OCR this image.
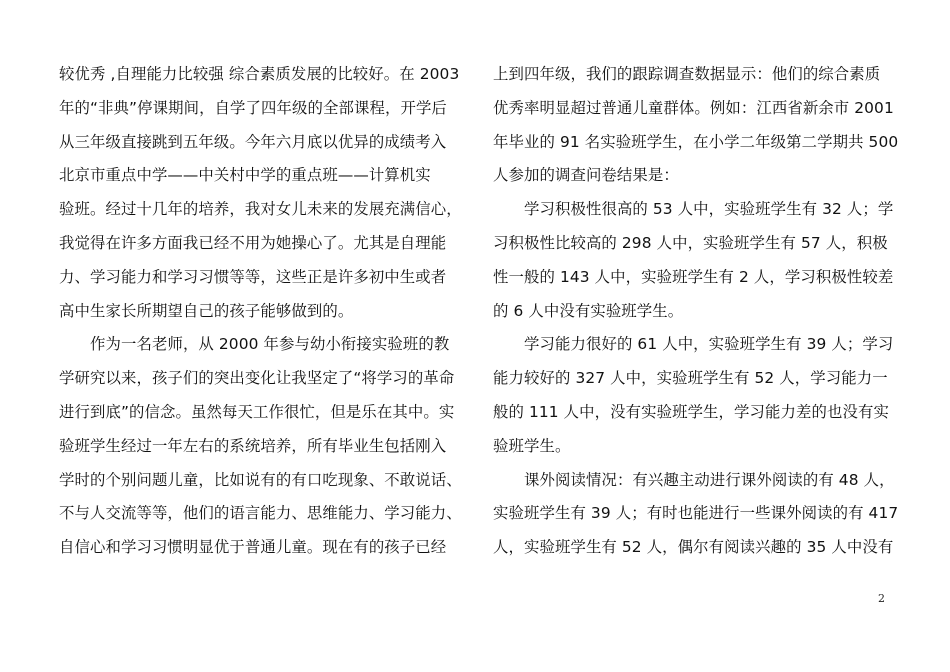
较优秀 ,自理能力比较强 综合素质发展的比较好。在 2003
年的“非典”停课期间，自学了四年级的全部课程，开学后
从三年级直接跳到五年级。今年六月底以优异的成绩考入
北京市重点中学——中关村中学的重点班——计算机实
验班。经过十几年的培养，我对女儿未来的发展充满信心，
我觉得在许多方面我已经不用为她操心了。尤其是自理能
力、学习能力和学习习惯等等，这些正是许多初中生或者
高中生家长所期望自己的孩子能够做到的。
作为一名老师，从 2000 年参与幼小衔接实验班的教
学研究以来，孩子们的突出变化让我坚定了“将学习的革命
进行到底”的信念。虽然每天工作很忙，但是乐在其中。实
验班学生经过一年左右的系统培养，所有毕业生包括刚入
学时的个别问题儿童，比如说有的有口吃现象、不敢说话、
不与人交流等等，他们的语言能力、思维能力、学习能力、
自信心和学习习惯明显优于普通儿童。现在有的孩子已经
上到四年级，我们的跟踪调查数据显示：他们的综合素质
优秀率明显超过普通儿童群体。例如：江西省新余市 2001
年毕业的 91 名实验班学生，在小学二年级第二学期共 500
人参加的调查问卷结果是：
学习积极性很高的 53 人中，实验班学生有 32 人；学
习积极性比较高的 298 人中，实验班学生有 57 人，积极
性一般的 143 人中，实验班学生有 2 人，学习积极性较差
的 6 人中没有实验班学生。
学习能力很好的 61 人中，实验班学生有 39 人；学习
能力较好的 327 人中，实验班学生有 52 人，学习能力一
般的 111 人中，没有实验班学生，学习能力差的也没有实
验班学生。
课外阅读情况：有兴趣主动进行课外阅读的有 48 人，
实验班学生有 39 人；有时也能进行一些课外阅读的有 417
人，实验班学生有 52 人，偶尔有阅读兴趣的 35 人中没有
2
